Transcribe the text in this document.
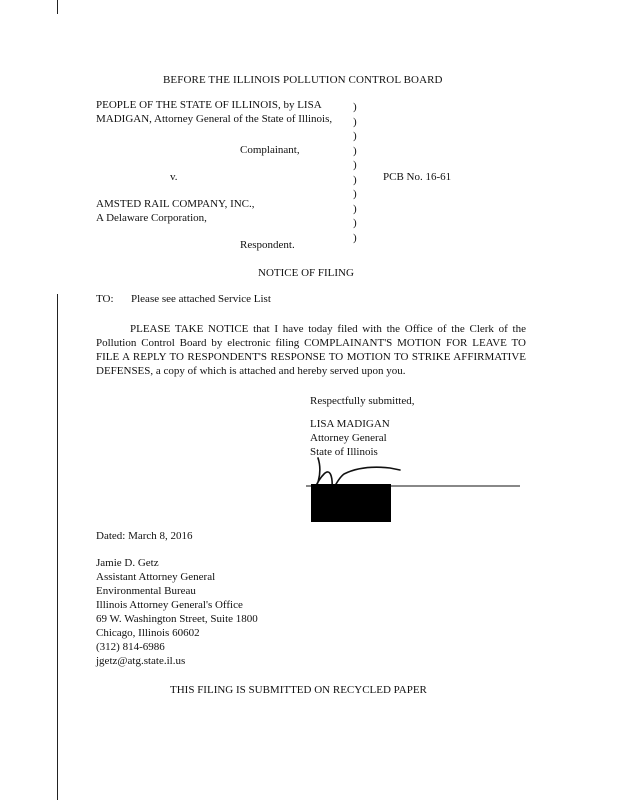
BEFORE THE ILLINOIS POLLUTION CONTROL BOARD
PEOPLE OF THE STATE OF ILLINOIS, by LISA
MADIGAN, Attorney General of the State of Illinois,
Complainant,
v.	PCB No. 16-61
AMSTED RAIL COMPANY, INC.,
A Delaware Corporation,
Respondent.
)
)
)
)
)
)
)
)
)
)
NOTICE OF FILING
TO: Please see attached Service List
PLEASE TAKE NOTICE that I have today filed with the Office of the Clerk of the Pollution Control Board by electronic filing COMPLAINANT'S MOTION FOR LEAVE TO FILE A REPLY TO RESPONDENT'S RESPONSE TO MOTION TO STRIKE AFFIRMATIVE DEFENSES, a copy of which is attached and hereby served upon you.
Respectfully submitted,
LISA MADIGAN
Attorney General
State of Illinois
Dated: March 8, 2016
Jamie D. Getz
Assistant Attorney General
Environmental Bureau
Illinois Attorney General's Office
69 W. Washington Street, Suite 1800
Chicago, Illinois 60602
(312) 814-6986
jgetz@atg.state.il.us
THIS FILING IS SUBMITTED ON RECYCLED PAPER
